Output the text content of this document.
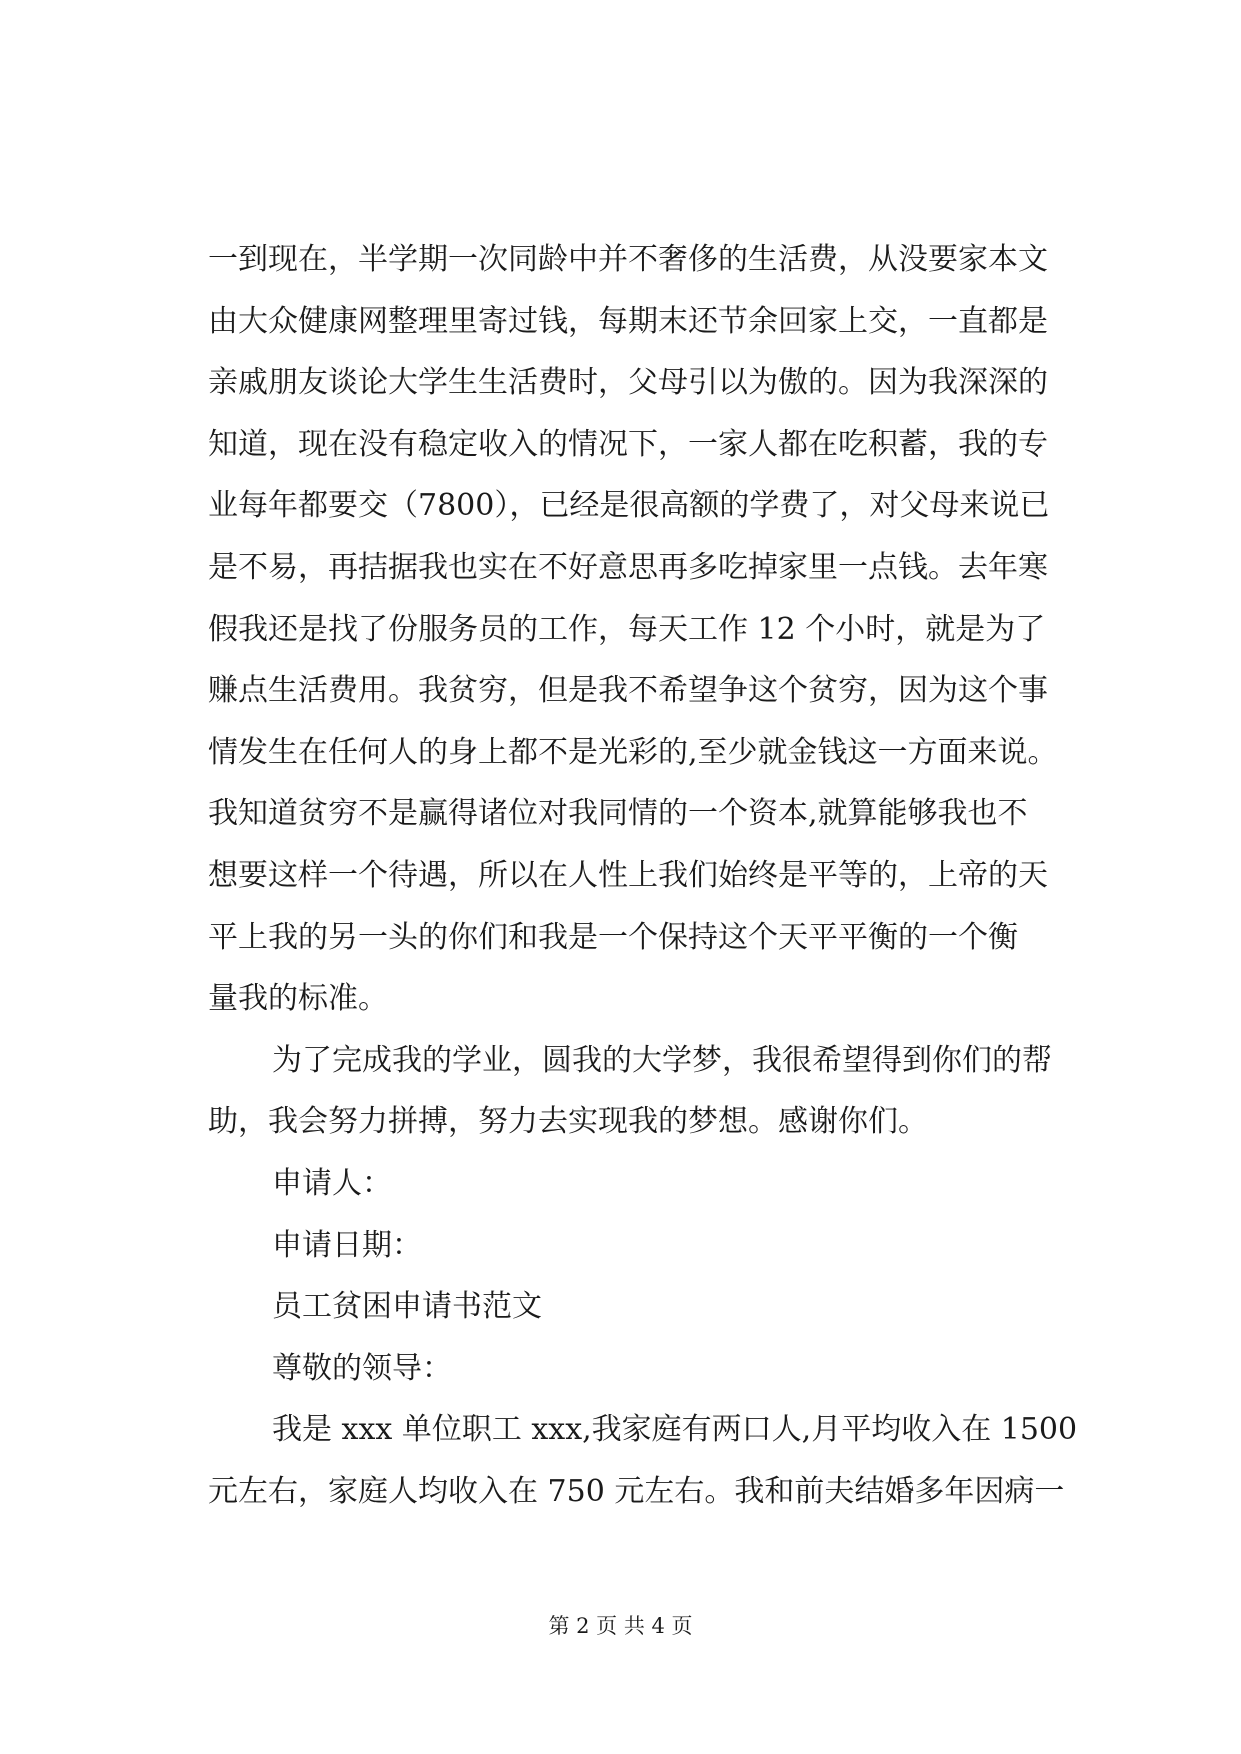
一到现在，半学期一次同龄中并不奢侈的生活费，从没要家本文
由大众健康网整理里寄过钱，每期末还节余回家上交，一直都是
亲戚朋友谈论大学生生活费时，父母引以为傲的。因为我深深的
知道，现在没有稳定收入的情况下，一家人都在吃积蓄，我的专
业每年都要交（7800），已经是很高额的学费了，对父母来说已
是不易，再拮据我也实在不好意思再多吃掉家里一点钱。去年寒
假我还是找了份服务员的工作，每天工作 12 个小时，就是为了
赚点生活费用。我贫穷，但是我不希望争这个贫穷，因为这个事
情发生在任何人的身上都不是光彩的,至少就金钱这一方面来说。
我知道贫穷不是赢得诸位对我同情的一个资本,就算能够我也不
想要这样一个待遇，所以在人性上我们始终是平等的，上帝的天
平上我的另一头的你们和我是一个保持这个天平平衡的一个衡
量我的标准。
为了完成我的学业，圆我的大学梦，我很希望得到你们的帮
助，我会努力拼搏，努力去实现我的梦想。感谢你们。
申请人：
申请日期：
员工贫困申请书范文
尊敬的领导：
我是 xxx 单位职工 xxx,我家庭有两口人,月平均收入在 1500
元左右，家庭人均收入在 750 元左右。我和前夫结婚多年因病一
第 2 页 共 4 页
